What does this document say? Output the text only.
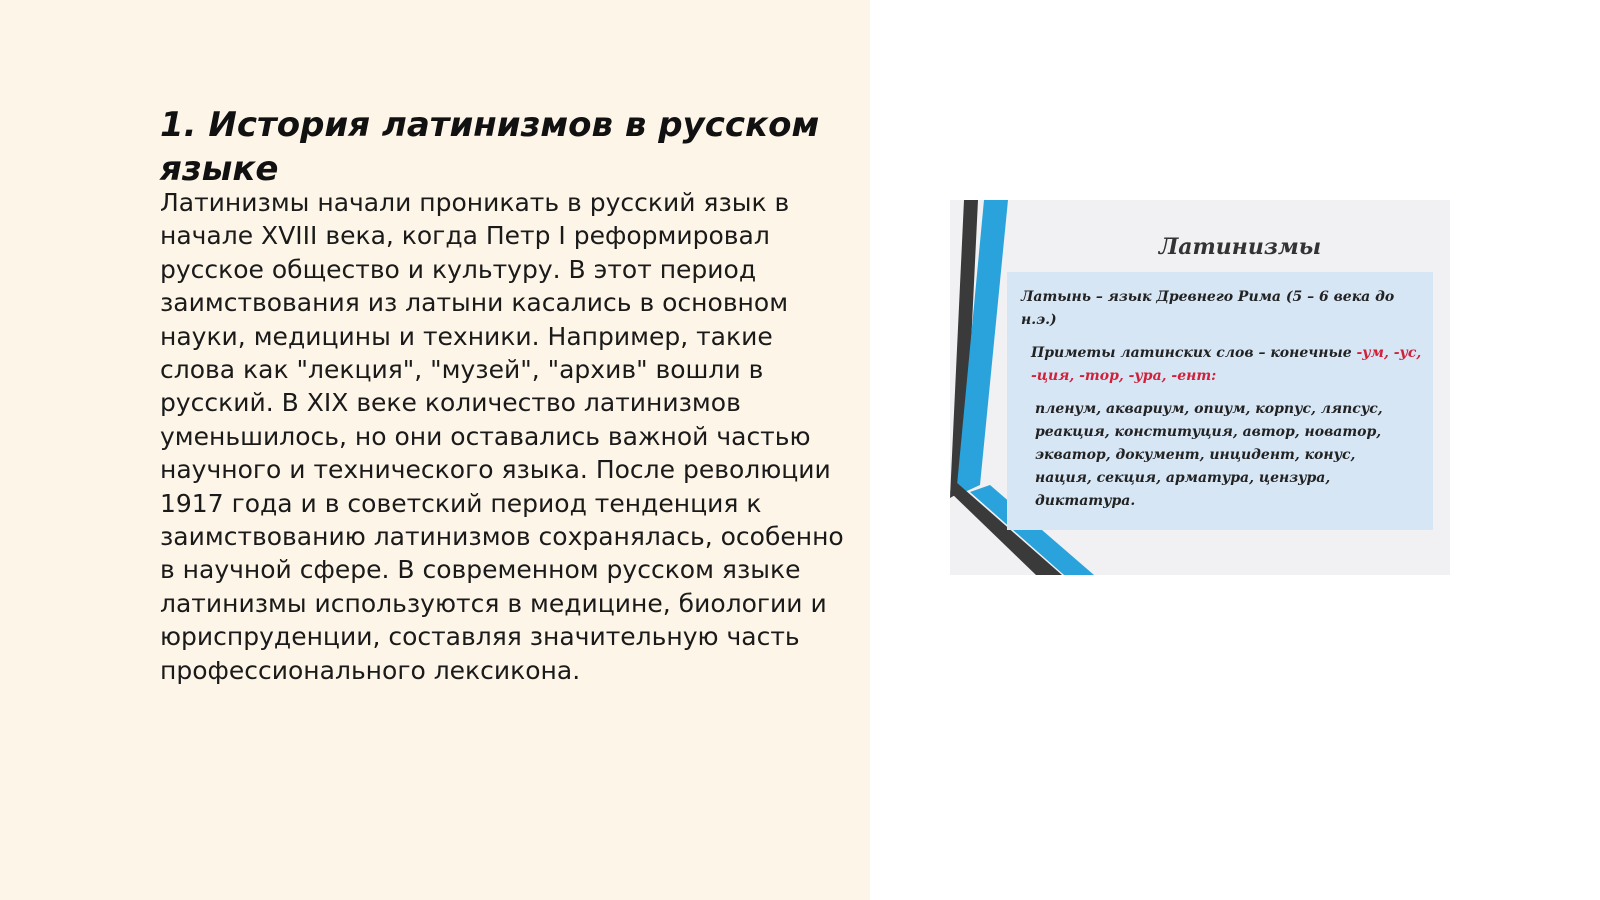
1. История латинизмов в русском языке

Латинизмы начали проникать в русский язык в начале XVIII века, когда Петр I реформировал русское общество и культуру. В этот период заимствования из латыни касались в основном науки, медицины и техники. Например, такие слова как "лекция", "музей", "архив" вошли в русский. В XIX веке количество латинизмов уменьшилось, но они оставались важной частью научного и технического языка. После революции 1917 года и в советский период тенденция к заимствованию латинизмов сохранялась, особенно в научной сфере. В современном русском языке латинизмы используются в медицине, биологии и юриспруденции, составляя значительную часть профессионального лексикона.

Латинизмы

Латынь – язык Древнего Рима (5 – 6 века до н.э.)

Приметы латинских слов – конечные -ум, -ус, -ция, -тор, -ура, -ент:

пленум, аквариум, опиум, корпус, ляпсус, реакция, конституция, автор, новатор, экватор, документ, инцидент, конус, нация, секция, арматура, цензура, диктатура.
